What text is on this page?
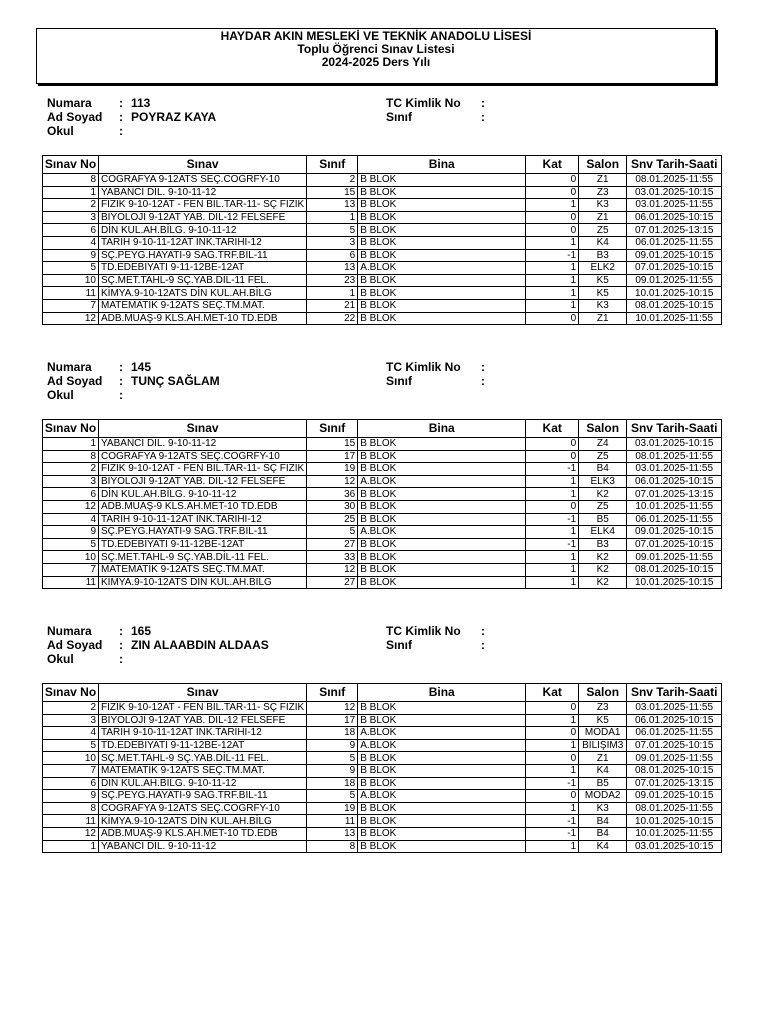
HAYDAR AKIN MESLEKİ VE TEKNİK ANADOLU LİSESİ
Toplu Öğrenci Sınav Listesi
2024-2025 Ders Yılı
Numara	: 113
Ad Soyad	: POYRAZ KAYA
Okul	:
TC Kimlik No	:
Sınıf	:
Sınav No	Sınav	Sınıf	Bina	Kat	Salon	Snv Tarih-Saati
8	COĞRAFYA 9-12ATS SEÇ.COĞRFY-10	2	B BLOK	0	Z1	08.01.2025-11:55
1	YABANCI DİL. 9-10-11-12	15	B BLOK	0	Z3	03.01.2025-10:15
2	FİZİK 9-10-12AT - FEN BİL.TAR-11- SÇ FİZİK	13	B BLOK	1	K3	03.01.2025-11:55
3	BİYOLOJİ 9-12AT YAB. DİL-12 FELSEFE	1	B BLOK	0	Z1	06.01.2025-10:15
6	DİN KUL.AH.BİLG. 9-10-11-12	5	B BLOK	0	Z5	07.01.2025-13:15
4	TARİH 9-10-11-12AT İNK.TARİHİ-12	3	B BLOK	1	K4	06.01.2025-11:55
9	SÇ.PEYG.HAYATI-9 SAĞ.TRF.BİL-11	6	B BLOK	-1	B3	09.01.2025-10:15
5	TD.EDEBİYATI 9-11-12BE-12AT	13	A.BLOK	1	ELK2	07.01.2025-10:15
10	SÇ.MET.TAHL-9 SÇ.YAB.DİL-11 FEL.	23	B BLOK	1	K5	09.01.2025-11:55
11	KİMYA.9-10-12ATS DİN KUL.AH.BİLG	1	B BLOK	1	K5	10.01.2025-10:15
7	MATEMATİK 9-12ATS SEÇ.TM.MAT.	21	B BLOK	1	K3	08.01.2025-10:15
12	ADB.MUAŞ-9 KLS.AH.MET-10 TD.EDB	22	B BLOK	0	Z1	10.01.2025-11:55
Numara	: 145
Ad Soyad	: TUNÇ SAĞLAM
Okul	:
TC Kimlik No	:
Sınıf	:
Sınav No	Sınav	Sınıf	Bina	Kat	Salon	Snv Tarih-Saati
1	YABANCI DİL. 9-10-11-12	15	B BLOK	0	Z4	03.01.2025-10:15
8	COĞRAFYA 9-12ATS SEÇ.COĞRFY-10	17	B BLOK	0	Z5	08.01.2025-11:55
2	FİZİK 9-10-12AT - FEN BİL.TAR-11- SÇ FİZİK	19	B BLOK	-1	B4	03.01.2025-11:55
3	BİYOLOJİ 9-12AT YAB. DİL-12 FELSEFE	12	A.BLOK	1	ELK3	06.01.2025-10:15
6	DİN KUL.AH.BİLG. 9-10-11-12	36	B BLOK	1	K2	07.01.2025-13:15
12	ADB.MUAŞ-9 KLS.AH.MET-10 TD.EDB	30	B BLOK	0	Z5	10.01.2025-11:55
4	TARİH 9-10-11-12AT İNK.TARİHİ-12	25	B BLOK	-1	B5	06.01.2025-11:55
9	SÇ.PEYG.HAYATI-9 SAĞ.TRF.BİL-11	5	A.BLOK	1	ELK4	09.01.2025-10:15
5	TD.EDEBİYATI 9-11-12BE-12AT	27	B BLOK	-1	B3	07.01.2025-10:15
10	SÇ.MET.TAHL-9 SÇ.YAB.DİL-11 FEL.	33	B BLOK	1	K2	09.01.2025-11:55
7	MATEMATİK 9-12ATS SEÇ.TM.MAT.	12	B BLOK	1	K2	08.01.2025-10:15
11	KİMYA.9-10-12ATS DİN KUL.AH.BİLG	27	B BLOK	1	K2	10.01.2025-10:15
Numara	: 165
Ad Soyad	: ZIN ALAABDIN ALDAAS
Okul	:
TC Kimlik No	:
Sınıf	:
Sınav No	Sınav	Sınıf	Bina	Kat	Salon	Snv Tarih-Saati
2	FİZİK 9-10-12AT - FEN BİL.TAR-11- SÇ FİZİK	12	B BLOK	0	Z3	03.01.2025-11:55
3	BİYOLOJİ 9-12AT YAB. DİL-12 FELSEFE	17	B BLOK	1	K5	06.01.2025-10:15
4	TARİH 9-10-11-12AT İNK.TARİHİ-12	18	A.BLOK	0	MODA1	06.01.2025-11:55
5	TD.EDEBİYATI 9-11-12BE-12AT	9	A.BLOK	1	BİLİŞİM3	07.01.2025-10:15
10	SÇ.MET.TAHL-9 SÇ.YAB.DİL-11 FEL.	5	B BLOK	0	Z1	09.01.2025-11:55
7	MATEMATİK 9-12ATS SEÇ.TM.MAT.	9	B BLOK	1	K4	08.01.2025-10:15
6	DİN KUL.AH.BİLG. 9-10-11-12	18	B BLOK	-1	B5	07.01.2025-13:15
9	SÇ.PEYG.HAYATI-9 SAĞ.TRF.BİL-11	5	A.BLOK	0	MODA2	09.01.2025-10:15
8	COĞRAFYA 9-12ATS SEÇ.COĞRFY-10	19	B BLOK	1	K3	08.01.2025-11:55
11	KİMYA.9-10-12ATS DİN KUL.AH.BİLG	11	B BLOK	-1	B4	10.01.2025-10:15
12	ADB.MUAŞ-9 KLS.AH.MET-10 TD.EDB	13	B BLOK	-1	B4	10.01.2025-11:55
1	YABANCI DİL. 9-10-11-12	8	B BLOK	1	K4	03.01.2025-10:15
